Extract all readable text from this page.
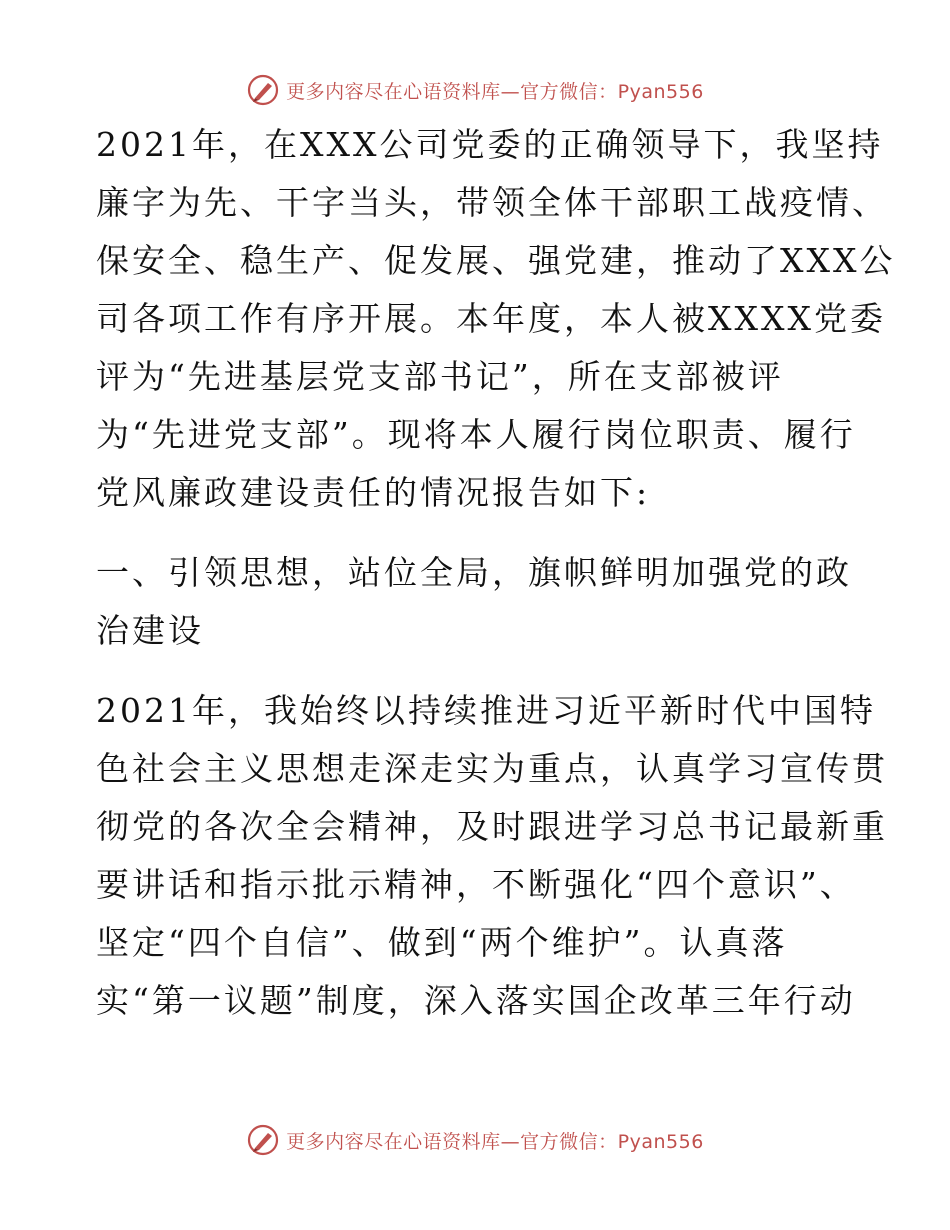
更多内容尽在心语资料库—官方微信：Pyan556
2021年，在XXX公司党委的正确领导下，我坚持
廉字为先、干字当头，带领全体干部职工战疫情、
保安全、稳生产、促发展、强党建，推动了XXX公
司各项工作有序开展。本年度，本人被XXXX党委
评为“先进基层党支部书记”，所在支部被评
为“先进党支部”。现将本人履行岗位职责、履行
党风廉政建设责任的情况报告如下:
一、引领思想，站位全局，旗帜鲜明加强党的政
治建设
2021年，我始终以持续推进习近平新时代中国特
色社会主义思想走深走实为重点，认真学习宣传贯
彻党的各次全会精神，及时跟进学习总书记最新重
要讲话和指示批示精神，不断强化“四个意识”、
坚定“四个自信”、做到“两个维护”。认真落
实“第一议题”制度，深入落实国企改革三年行动
更多内容尽在心语资料库—官方微信：Pyan556
